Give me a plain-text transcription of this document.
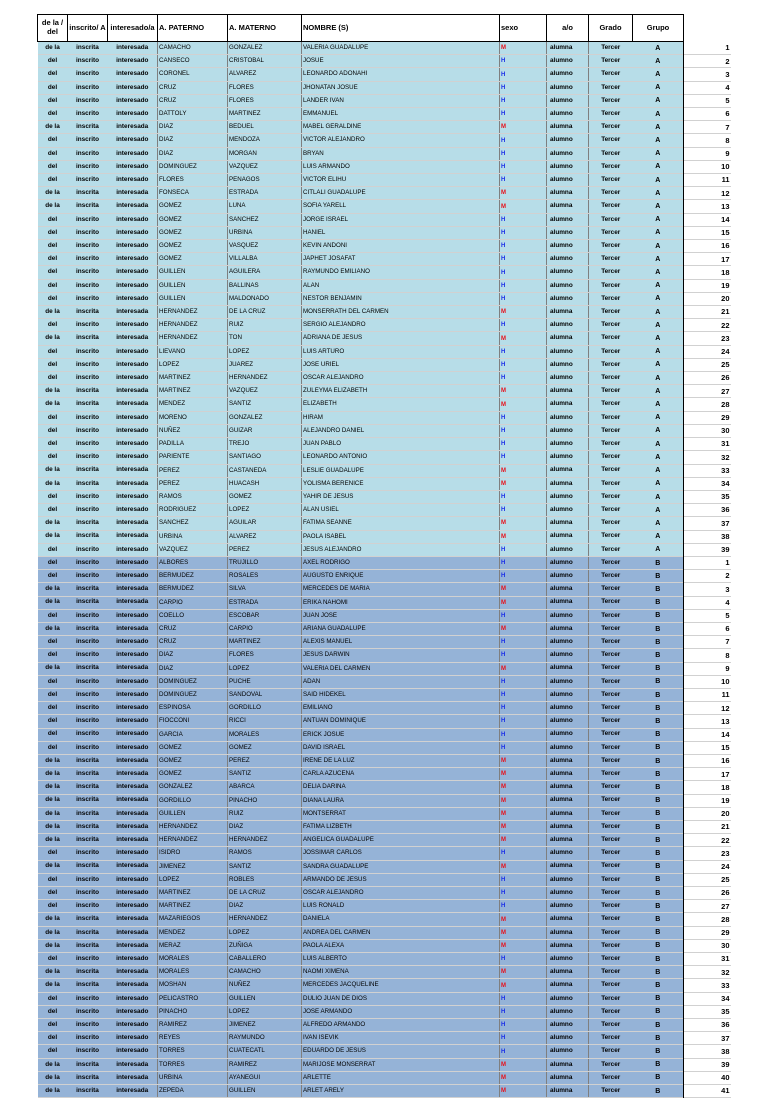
de la / del	inscrito/ A	interesado/a	A. PATERNO	A. MATERNO	NOMBRE (S)	sexo	a/o	Grado	Grupo	
de la	inscrita	interesada	CAMACHO	GONZALEZ	VALERIA GUADALUPE	M	alumna	Tercer	A	1
del	inscrito	interesado	CANSECO	CRISTOBAL	JOSUE	H	alumno	Tercer	A	2
del	inscrito	interesado	CORONEL	ALVAREZ	LEONARDO ADONAHI	H	alumno	Tercer	A	3
del	inscrito	interesado	CRUZ	FLORES	JHONATAN JOSUE	H	alumno	Tercer	A	4
del	inscrito	interesado	CRUZ	FLORES	LANDER IVAN	H	alumno	Tercer	A	5
del	inscrito	interesado	DATTOLY	MARTINEZ	EMMANUEL	H	alumno	Tercer	A	6
de la	inscrita	interesada	DIAZ	BEDUEL	MABEL GERALDINE	M	alumna	Tercer	A	7
del	inscrito	interesado	DIAZ	MENDOZA	VICTOR ALEJANDRO	H	alumno	Tercer	A	8
del	inscrito	interesado	DIAZ	MORGAN	BRYAN	H	alumno	Tercer	A	9
del	inscrito	interesado	DOMINGUEZ	VAZQUEZ	LUIS ARMANDO	H	alumno	Tercer	A	10
del	inscrito	interesado	FLORES	PENAGOS	VICTOR ELIHU	H	alumno	Tercer	A	11
de la	inscrita	interesada	FONSECA	ESTRADA	CITLALI GUADALUPE	M	alumna	Tercer	A	12
de la	inscrita	interesada	GOMEZ	LUNA	SOFIA YARELL	M	alumna	Tercer	A	13
del	inscrito	interesado	GOMEZ	SANCHEZ	JORGE ISRAEL	H	alumno	Tercer	A	14
del	inscrito	interesado	GOMEZ	URBINA	HANIEL	H	alumno	Tercer	A	15
del	inscrito	interesado	GOMEZ	VASQUEZ	KEVIN ANDONI	H	alumno	Tercer	A	16
del	inscrito	interesado	GOMEZ	VILLALBA	JAPHET JOSAFAT	H	alumno	Tercer	A	17
del	inscrito	interesado	GUILLEN	AGUILERA	RAYMUNDO EMILIANO	H	alumno	Tercer	A	18
del	inscrito	interesado	GUILLEN	BALLINAS	ALAN	H	alumno	Tercer	A	19
del	inscrito	interesado	GUILLEN	MALDONADO	NESTOR BENJAMIN	H	alumno	Tercer	A	20
de la	inscrita	interesada	HERNANDEZ	DE LA CRUZ	MONSERRATH DEL CARMEN	M	alumna	Tercer	A	21
del	inscrito	interesado	HERNANDEZ	RUIZ	SERGIO ALEJANDRO	H	alumno	Tercer	A	22
de la	inscrita	interesada	HERNANDEZ	TON	ADRIANA DE JESUS	M	alumna	Tercer	A	23
del	inscrito	interesado	LIEVANO	LOPEZ	LUIS ARTURO	H	alumno	Tercer	A	24
del	inscrito	interesado	LOPEZ	JUAREZ	JOSE URIEL	H	alumno	Tercer	A	25
del	inscrito	interesado	MARTINEZ	HERNANDEZ	OSCAR ALEJANDRO	H	alumno	Tercer	A	26
de la	inscrita	interesada	MARTINEZ	VAZQUEZ	ZULEYMA ELIZABETH	M	alumna	Tercer	A	27
de la	inscrita	interesada	MENDEZ	SANTIZ	ELIZABETH	M	alumna	Tercer	A	28
del	inscrito	interesado	MORENO	GONZALEZ	HIRAM	H	alumno	Tercer	A	29
del	inscrito	interesado	NUÑEZ	GUIZAR	ALEJANDRO DANIEL	H	alumno	Tercer	A	30
del	inscrito	interesado	PADILLA	TREJO	JUAN PABLO	H	alumno	Tercer	A	31
del	inscrito	interesado	PARIENTE	SANTIAGO	LEONARDO ANTONIO	H	alumno	Tercer	A	32
de la	inscrita	interesada	PEREZ	CASTANEDA	LESLIE GUADALUPE	M	alumna	Tercer	A	33
de la	inscrita	interesada	PEREZ	HUACASH	YOLISMA BERENICE	M	alumna	Tercer	A	34
del	inscrito	interesado	RAMOS	GOMEZ	YAHIR DE JESUS	H	alumno	Tercer	A	35
del	inscrito	interesado	RODRIGUEZ	LOPEZ	ALAN USIEL	H	alumno	Tercer	A	36
de la	inscrita	interesada	SANCHEZ	AGUILAR	FATIMA SEANNE	M	alumna	Tercer	A	37
de la	inscrita	interesada	URBINA	ALVAREZ	PAOLA ISABEL	M	alumna	Tercer	A	38
del	inscrito	interesado	VAZQUEZ	PEREZ	JESUS ALEJANDRO	H	alumno	Tercer	A	39
del	inscrito	interesado	ALBORES	TRUJILLO	AXEL RODRIGO	H	alumno	Tercer	B	1
del	inscrito	interesado	BERMUDEZ	ROSALES	AUGUSTO ENRIQUE	H	alumno	Tercer	B	2
de la	inscrita	interesada	BERMUDEZ	SILVA	MERCEDES DE MARIA	M	alumna	Tercer	B	3
de la	inscrita	interesada	CARPIO	ESTRADA	ERIKA NAHOMI	M	alumna	Tercer	B	4
del	inscrito	interesado	COELLO	ESCOBAR	JUAN JOSE	H	alumno	Tercer	B	5
de la	inscrita	interesada	CRUZ	CARPIO	ARIANA GUADALUPE	M	alumna	Tercer	B	6
del	inscrito	interesado	CRUZ	MARTINEZ	ALEXIS MANUEL	H	alumno	Tercer	B	7
del	inscrito	interesado	DIAZ	FLORES	JESUS DARWIN	H	alumno	Tercer	B	8
de la	inscrita	interesada	DIAZ	LOPEZ	VALERIA DEL CARMEN	M	alumna	Tercer	B	9
del	inscrito	interesado	DOMINGUEZ	PUCHE	ADAN	H	alumno	Tercer	B	10
del	inscrito	interesado	DOMINGUEZ	SANDOVAL	SAID HIDEKEL	H	alumno	Tercer	B	11
del	inscrito	interesado	ESPINOSA	GORDILLO	EMILIANO	H	alumno	Tercer	B	12
del	inscrito	interesado	FIOCCONI	RICCI	ANTUAN DOMINIQUE	H	alumno	Tercer	B	13
del	inscrito	interesado	GARCIA	MORALES	ERICK JOSUE	H	alumno	Tercer	B	14
del	inscrito	interesado	GOMEZ	GOMEZ	DAVID ISRAEL	H	alumno	Tercer	B	15
de la	inscrita	interesada	GOMEZ	PEREZ	IRENE DE LA LUZ	M	alumna	Tercer	B	16
de la	inscrita	interesada	GOMEZ	SANTIZ	CARLA AZUCENA	M	alumna	Tercer	B	17
de la	inscrita	interesada	GONZALEZ	ABARCA	DELIA DARINA	M	alumna	Tercer	B	18
de la	inscrita	interesada	GORDILLO	PINACHO	DIANA LAURA	M	alumna	Tercer	B	19
de la	inscrita	interesada	GUILLEN	RUIZ	MONTSERRAT	M	alumna	Tercer	B	20
de la	inscrita	interesada	HERNANDEZ	DIAZ	FATIMA LIZBETH	M	alumna	Tercer	B	21
de la	inscrita	interesada	HERNANDEZ	HERNANDEZ	ANGELICA GUADALUPE	M	alumna	Tercer	B	22
del	inscrito	interesado	ISIDRO	RAMOS	JOSSIMAR CARLOS	H	alumno	Tercer	B	23
de la	inscrita	interesada	JIMENEZ	SANTIZ	SANDRA GUADALUPE	M	alumna	Tercer	B	24
del	inscrito	interesado	LOPEZ	ROBLES	ARMANDO DE JESUS	H	alumno	Tercer	B	25
del	inscrito	interesado	MARTINEZ	DE LA CRUZ	OSCAR ALEJANDRO	H	alumno	Tercer	B	26
del	inscrito	interesado	MARTINEZ	DIAZ	LUIS RONALD	H	alumno	Tercer	B	27
de la	inscrita	interesada	MAZARIEGOS	HERNANDEZ	DANIELA	M	alumna	Tercer	B	28
de la	inscrita	interesada	MENDEZ	LOPEZ	ANDREA DEL CARMEN	M	alumna	Tercer	B	29
de la	inscrita	interesada	MERAZ	ZUÑIGA	PAOLA ALEXA	M	alumna	Tercer	B	30
del	inscrito	interesado	MORALES	CABALLERO	LUIS ALBERTO	H	alumno	Tercer	B	31
de la	inscrita	interesada	MORALES	CAMACHO	NAOMI XIMENA	M	alumna	Tercer	B	32
de la	inscrita	interesada	MOSHAN	NUÑEZ	MERCEDES JACQUELINE	M	alumna	Tercer	B	33
del	inscrito	interesado	PELICASTRO	GUILLEN	DULIO JUAN DE DIOS	H	alumno	Tercer	B	34
del	inscrito	interesado	PINACHO	LOPEZ	JOSE ARMANDO	H	alumno	Tercer	B	35
del	inscrito	interesado	RAMIREZ	JIMENEZ	ALFREDO ARMANDO	H	alumno	Tercer	B	36
del	inscrito	interesado	REYES	RAYMUNDO	IVAN ISEVIK	H	alumno	Tercer	B	37
del	inscrito	interesado	TORRES	CUATECATL	EDUARDO DE JESUS	H	alumno	Tercer	B	38
de la	inscrita	interesada	TORRES	RAMIREZ	MARIJOSE MONSERRAT	M	alumna	Tercer	B	39
de la	inscrita	interesada	URBINA	AYANEGUI	ARLETTE	M	alumna	Tercer	B	40
de la	inscrita	interesada	ZEPEDA	GUILLEN	ARLET ARELY	M	alumna	Tercer	B	41
